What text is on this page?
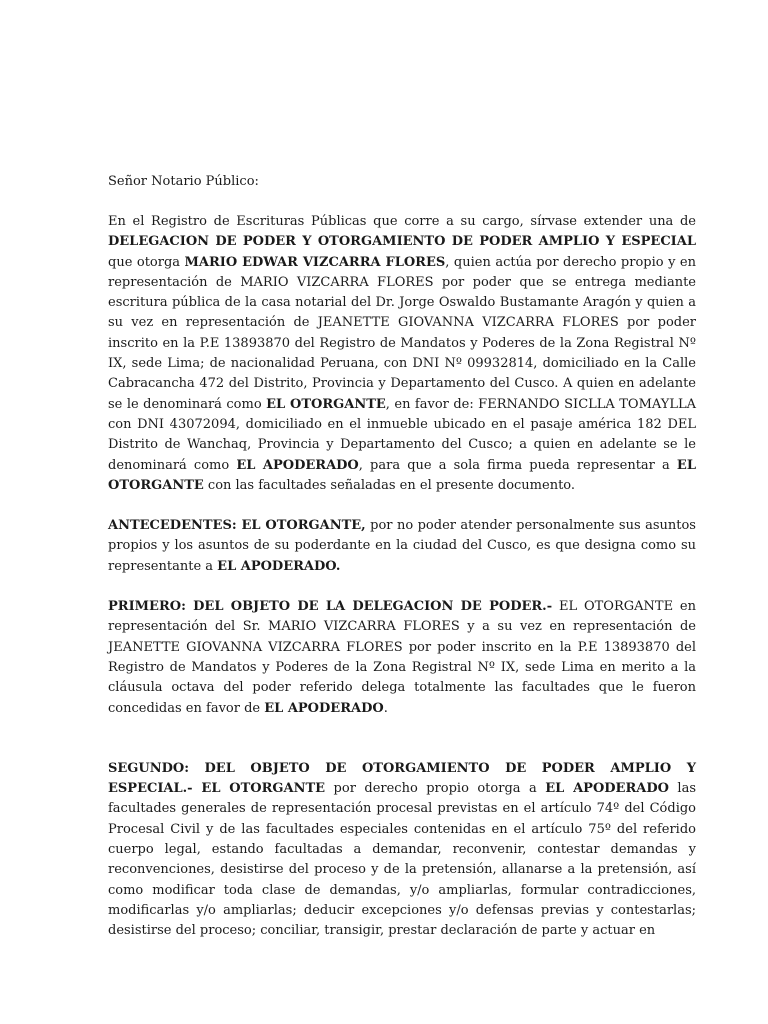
Señor Notario Público:

En el Registro de Escrituras Públicas que corre a su cargo, sírvase extender una de DELEGACION DE PODER Y OTORGAMIENTO DE PODER AMPLIO Y ESPECIAL que otorga MARIO EDWAR VIZCARRA FLORES, quien actúa por derecho propio y en representación de MARIO VIZCARRA FLORES por poder que se entrega mediante escritura pública de la casa notarial del Dr. Jorge Oswaldo Bustamante Aragón y quien a su vez en representación de JEANETTE GIOVANNA VIZCARRA FLORES por poder inscrito en la P.E 13893870 del Registro de Mandatos y Poderes de la Zona Registral Nº IX, sede Lima; de nacionalidad Peruana, con DNI Nº 09932814, domiciliado en la Calle Cabracancha 472 del Distrito, Provincia y Departamento del Cusco. A quien en adelante se le denominará como EL OTORGANTE, en favor de: FERNANDO SICLLA TOMAYLLA con DNI 43072094, domiciliado en el inmueble ubicado en el pasaje américa 182 DEL Distrito de Wanchaq, Provincia y Departamento del Cusco; a quien en adelante se le denominará como EL APODERADO, para que a sola firma pueda representar a EL OTORGANTE con las facultades señaladas en el presente documento.

ANTECEDENTES: EL OTORGANTE, por no poder atender personalmente sus asuntos propios y los asuntos de su poderdante en la ciudad del Cusco, es que designa como su representante a EL APODERADO.

PRIMERO: DEL OBJETO DE LA DELEGACION DE PODER.- EL OTORGANTE en representación del Sr. MARIO VIZCARRA FLORES y a su vez en representación de JEANETTE GIOVANNA VIZCARRA FLORES por poder inscrito en la P.E 13893870 del Registro de Mandatos y Poderes de la Zona Registral Nº IX, sede Lima en merito a la cláusula octava del poder referido delega totalmente las facultades que le fueron concedidas en favor de EL APODERADO.

SEGUNDO: DEL OBJETO DE OTORGAMIENTO DE PODER AMPLIO Y ESPECIAL.- EL OTORGANTE por derecho propio otorga a EL APODERADO las facultades generales de representación procesal previstas en el artículo 74º del Código Procesal Civil y de las facultades especiales contenidas en el artículo 75º del referido cuerpo legal, estando facultadas a demandar, reconvenir, contestar demandas y reconvenciones, desistirse del proceso y de la pretensión, allanarse a la pretensión, así como modificar toda clase de demandas, y/o ampliarlas, formular contradicciones, modificarlas y/o ampliarlas; deducir excepciones y/o defensas previas y contestarlas; desistirse del proceso; conciliar, transigir, prestar declaración de parte y actuar en
